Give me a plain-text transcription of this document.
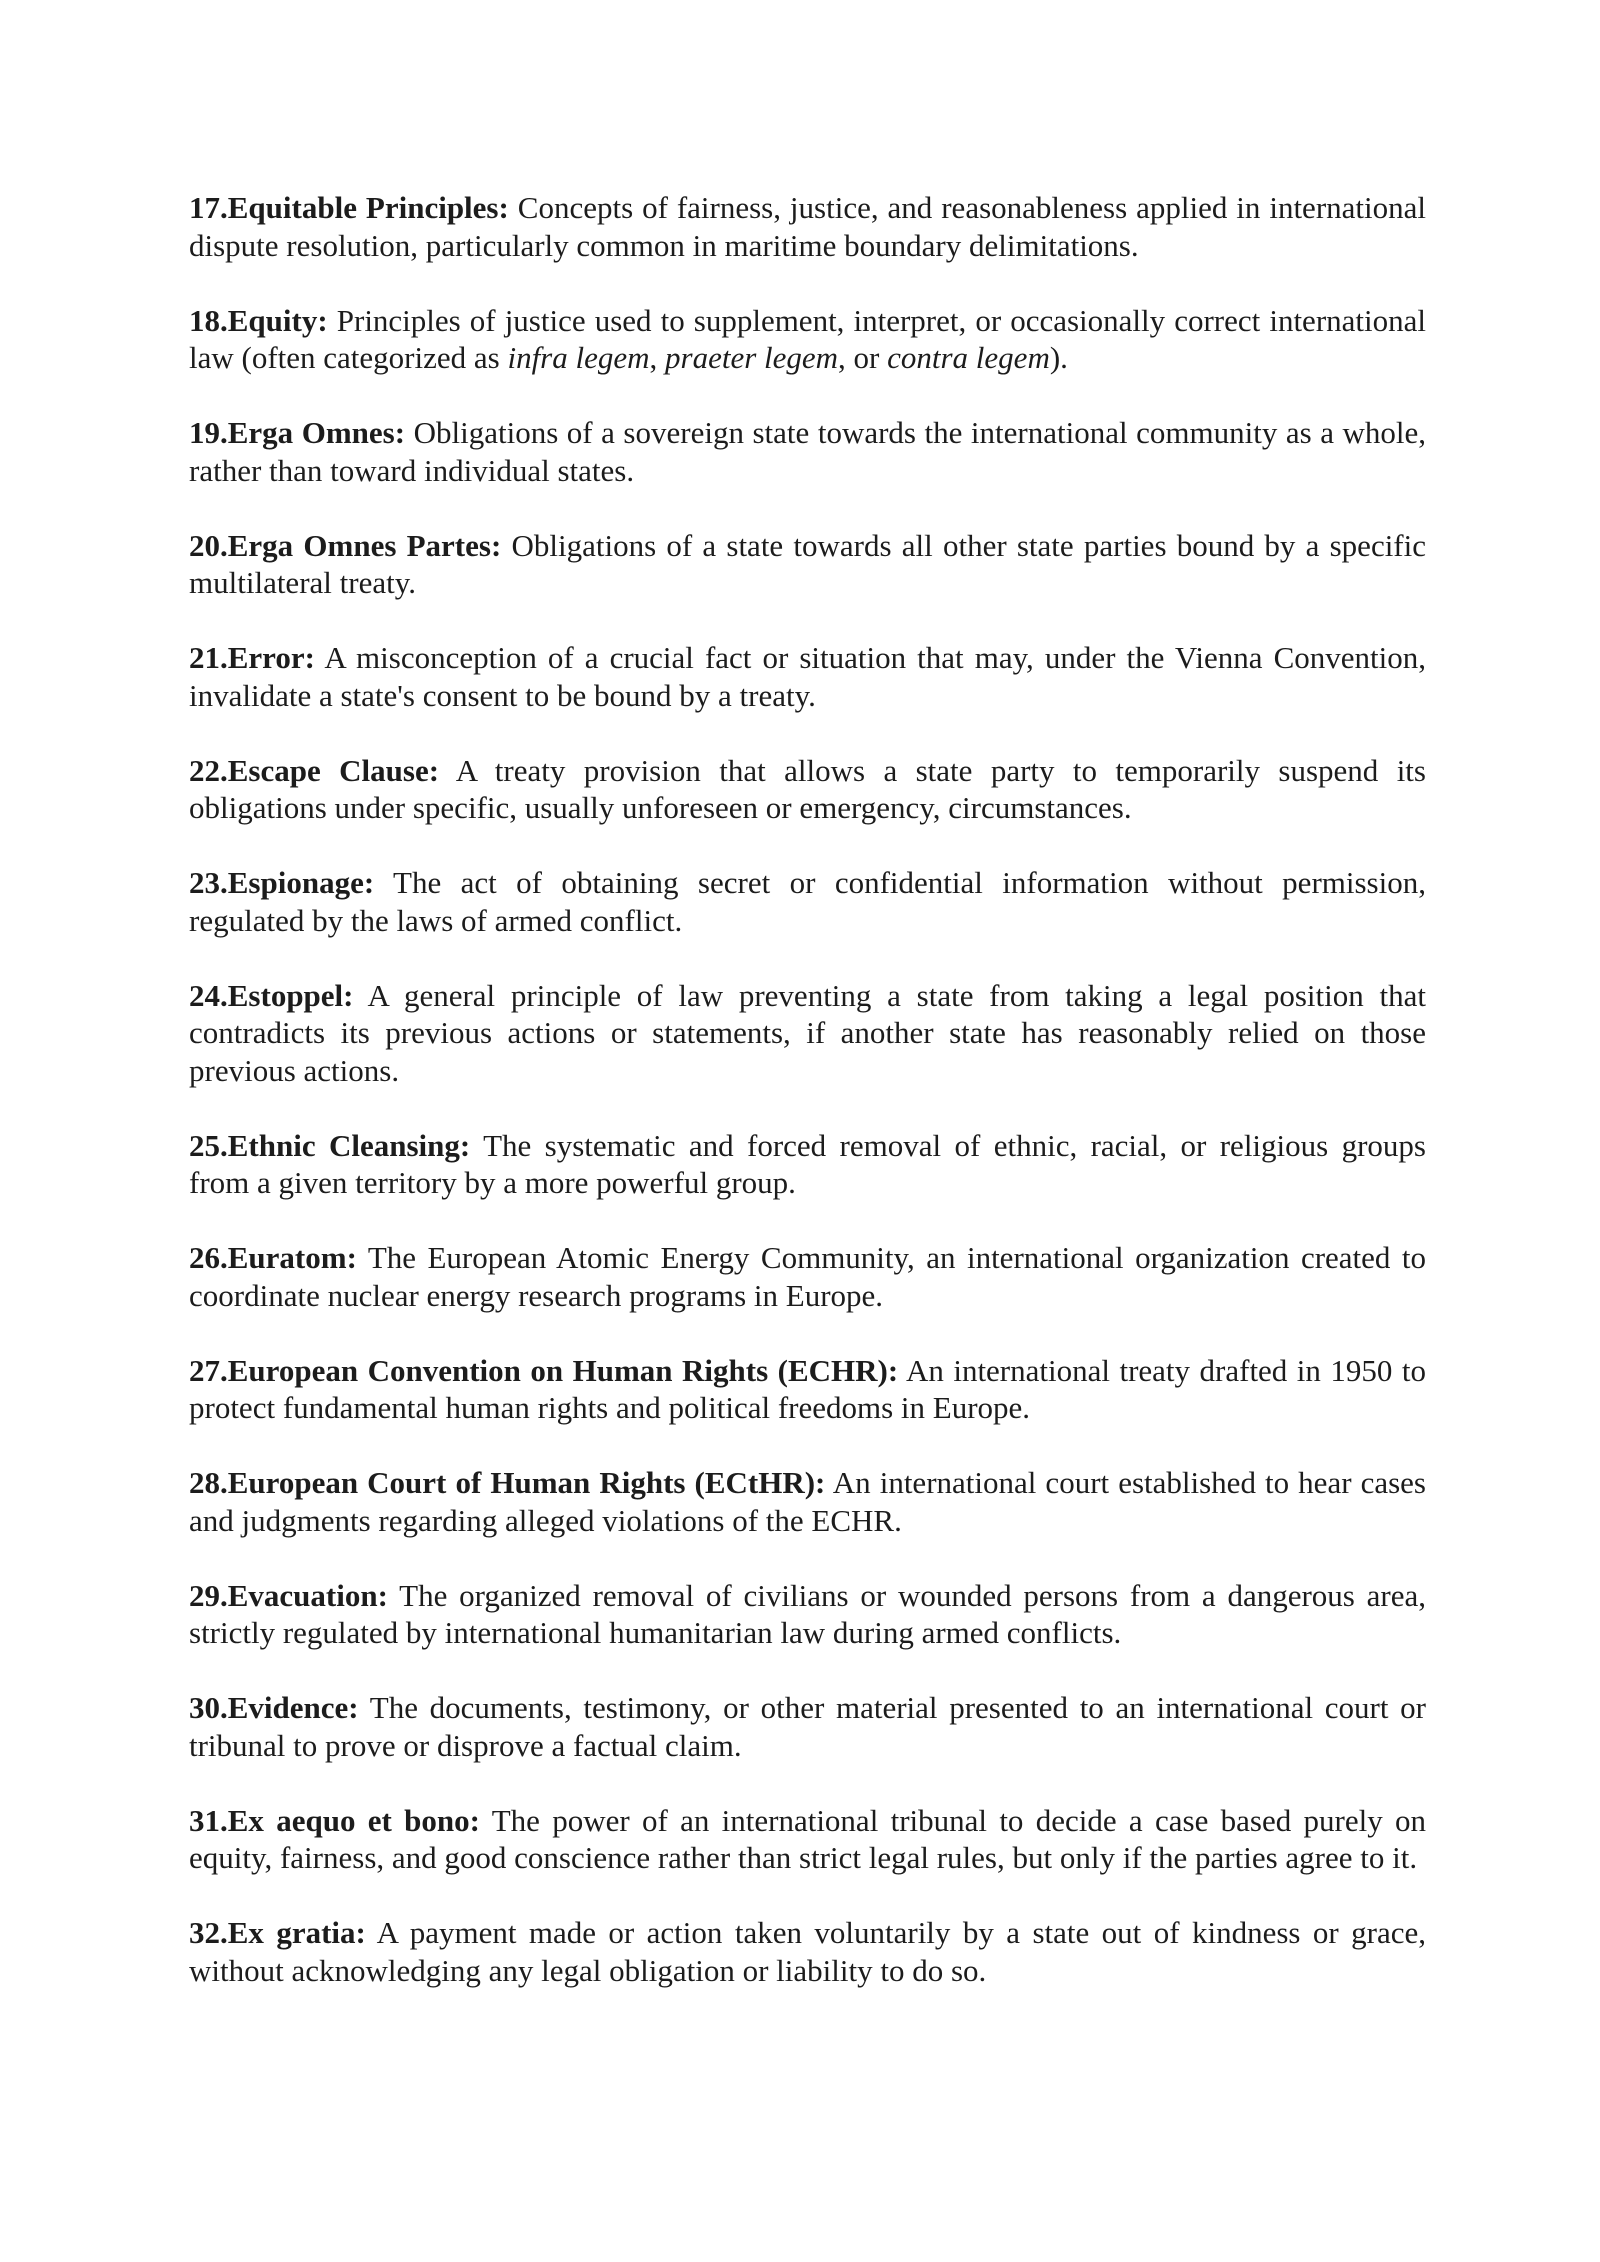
17.Equitable Principles: Concepts of fairness, justice, and reasonableness applied in international dispute resolution, particularly common in maritime boundary delimitations.

18.Equity: Principles of justice used to supplement, interpret, or occasionally correct international law (often categorized as infra legem, praeter legem, or contra legem).

19.Erga Omnes: Obligations of a sovereign state towards the international community as a whole, rather than toward individual states.

20.Erga Omnes Partes: Obligations of a state towards all other state parties bound by a specific multilateral treaty.

21.Error: A misconception of a crucial fact or situation that may, under the Vienna Convention, invalidate a state's consent to be bound by a treaty.

22.Escape Clause: A treaty provision that allows a state party to temporarily suspend its obligations under specific, usually unforeseen or emergency, circumstances.

23.Espionage: The act of obtaining secret or confidential information without permission, regulated by the laws of armed conflict.

24.Estoppel: A general principle of law preventing a state from taking a legal position that contradicts its previous actions or statements, if another state has reasonably relied on those previous actions.

25.Ethnic Cleansing: The systematic and forced removal of ethnic, racial, or religious groups from a given territory by a more powerful group.

26.Euratom: The European Atomic Energy Community, an international organization created to coordinate nuclear energy research programs in Europe.

27.European Convention on Human Rights (ECHR): An international treaty drafted in 1950 to protect fundamental human rights and political freedoms in Europe.

28.European Court of Human Rights (ECtHR): An international court established to hear cases and judgments regarding alleged violations of the ECHR.

29.Evacuation: The organized removal of civilians or wounded persons from a dangerous area, strictly regulated by international humanitarian law during armed conflicts.

30.Evidence: The documents, testimony, or other material presented to an international court or tribunal to prove or disprove a factual claim.

31.Ex aequo et bono: The power of an international tribunal to decide a case based purely on equity, fairness, and good conscience rather than strict legal rules, but only if the parties agree to it.

32.Ex gratia: A payment made or action taken voluntarily by a state out of kindness or grace, without acknowledging any legal obligation or liability to do so.
